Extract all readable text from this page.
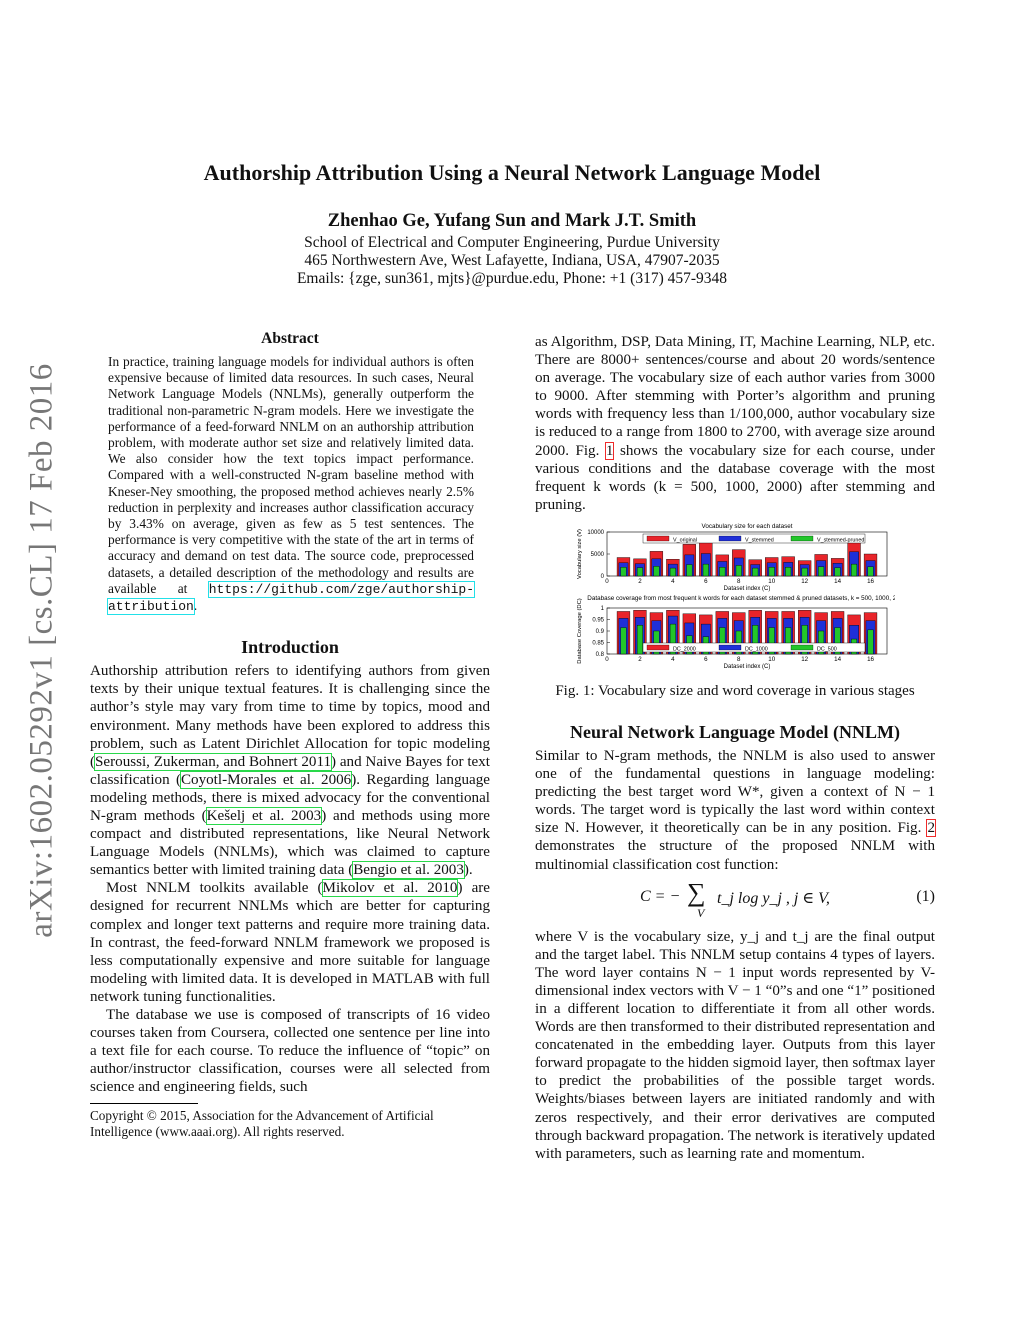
arXiv:1602.05292v1 [cs.CL] 17 Feb 2016
Authorship Attribution Using a Neural Network Language Model
Zhenhao Ge, Yufang Sun and Mark J.T. Smith
School of Electrical and Computer Engineering, Purdue University
465 Northwestern Ave, West Lafayette, Indiana, USA, 47907-2035
Emails: {zge, sun361, mjts}@purdue.edu, Phone: +1 (317) 457-9348

Abstract

In practice, training language models for individual authors is often expensive because of limited data resources. In such cases, Neural Network Language Models (NNLMs), generally outperform the traditional non-parametric N-gram models. Here we investigate the performance of a feed-forward NNLM on an authorship attribution problem, with moderate author set size and relatively limited data. We also consider how the text topics impact performance. Compared with a well-constructed N-gram baseline method with Kneser-Ney smoothing, the proposed method achieves nearly 2.5% reduction in perplexity and increases author classification accuracy by 3.43% on average, given as few as 5 test sentences. The performance is very competitive with the state of the art in terms of accuracy and demand on test data. The source code, preprocessed datasets, a detailed description of the methodology and results are available at https://github.com/zge/authorship-attribution.

Introduction

Authorship attribution refers to identifying authors from given texts by their unique textual features. It is challenging since the author’s style may vary from time to time by topics, mood and environment. Many methods have been explored to address this problem, such as Latent Dirichlet Allocation for topic modeling (Seroussi, Zukerman, and Bohnert 2011) and Naive Bayes for text classification (Coyotl-Morales et al. 2006). Regarding language modeling methods, there is mixed advocacy for the conventional N-gram methods (Kešelj et al. 2003) and methods using more compact and distributed representations, like Neural Network Language Models (NNLMs), which was claimed to capture semantics better with limited training data (Bengio et al. 2003).

Most NNLM toolkits available (Mikolov et al. 2010) are designed for recurrent NNLMs which are better for capturing complex and longer text patterns and require more training data. In contrast, the feed-forward NNLM framework we proposed is less computationally expensive and more suitable for language modeling with limited data. It is developed in MATLAB with full network tuning functionalities.

The database we use is composed of transcripts of 16 video courses taken from Coursera, collected one sentence per line into a text file for each course. To reduce the influence of “topic” on author/instructor classification, courses were all selected from science and engineering fields, such

Copyright © 2015, Association for the Advancement of Artificial Intelligence (www.aaai.org). All rights reserved.

as Algorithm, DSP, Data Mining, IT, Machine Learning, NLP, etc. There are 8000+ sentences/course and about 20 words/sentence on average. The vocabulary size of each author varies from 3000 to 9000. After stemming with Porter’s algorithm and pruning words with frequency less than 1/100,000, author vocabulary size is reduced to a range from 1800 to 2700, with average size around 2000. Fig. 1 shows the vocabulary size for each course, under various conditions and the database coverage with the most frequent k words (k = 500, 1000, 2000) after stemming and pruning.

Vocabulary size for each dataset
0
5000
10000
Vocabulary size (V)
0	2	4	6	8	10	12	14	16
Dataset index (C)
V_original	V_stemmed	V_stemmed-pruned
Database coverage from most frequent k words for each dataset stemmed & pruned datasets, k = 500, 1000, 2000
0.8
0.85
0.9
0.95
1
Database Coverage (DC)	0	2	4	6	8	10	12	14	16
Dataset index (C)
DC_2000	DC_1000	DC_500

Fig. 1: Vocabulary size and word coverage in various stages

Neural Network Language Model (NNLM)

Similar to N-gram methods, the NNLM is also used to answer one of the fundamental questions in language modeling: predicting the best target word W*, given a context of N − 1 words. The target word is typically the last word within context size N. However, it theoretically can be in any position. Fig. 2 demonstrates the structure of the proposed NNLM with multinomial classification cost function:

C = − ∑
V
t_j log y_j , j ∈ V,	(1)

where V is the vocabulary size, y_j and t_j are the final output and the target label. This NNLM setup contains 4 types of layers. The word layer contains N − 1 input words represented by V-dimensional index vectors with V − 1 “0”s and one “1” positioned in a different location to differentiate it from all other words. Words are then transformed to their distributed representation and concatenated in the embedding layer. Outputs from this layer forward propagate to the hidden sigmoid layer, then softmax layer to predict the probabilities of the possible target words. Weights/biases between layers are initiated randomly and with zeros respectively, and their error derivatives are computed through backward propagation. The network is iteratively updated with parameters, such as learning rate and momentum.
